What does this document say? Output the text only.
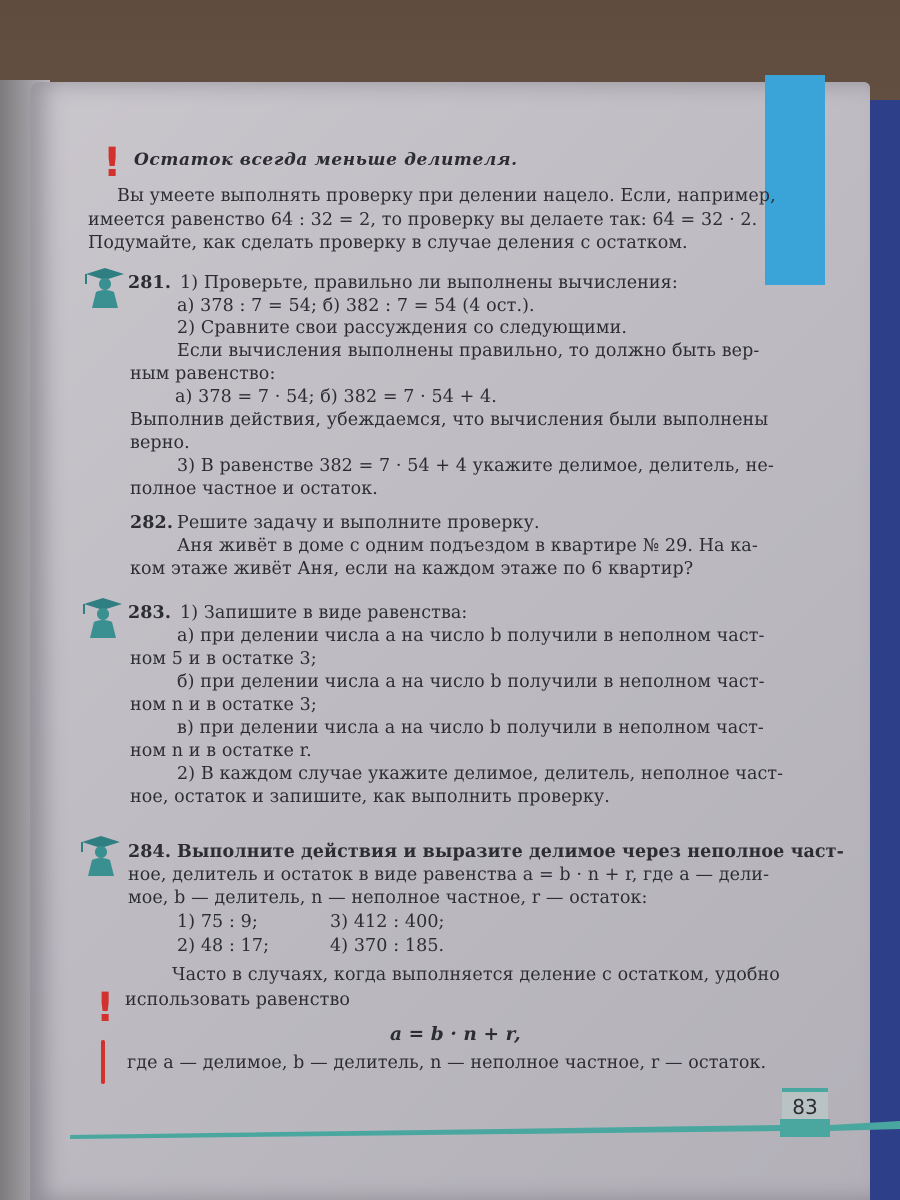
! Остаток всегда меньше делителя.
Вы умеете выполнять проверку при делении нацело. Если, например,
имеется равенство 64 : 32 = 2, то проверку вы делаете так: 64 = 32 · 2.
Подумайте, как сделать проверку в случае деления с остатком.
281. 1) Проверьте, правильно ли выполнены вычисления:
а) 378 : 7 = 54; б) 382 : 7 = 54 (4 ост.).
2) Сравните свои рассуждения со следующими.
Если вычисления выполнены правильно, то должно быть вер-
ным равенство:
а) 378 = 7 · 54; б) 382 = 7 · 54 + 4.
Выполнив действия, убеждаемся, что вычисления были выполнены
верно.
3) В равенстве 382 = 7 · 54 + 4 укажите делимое, делитель, не-
полное частное и остаток.
282. Решите задачу и выполните проверку.
Аня живёт в доме с одним подъездом в квартире № 29. На ка-
ком этаже живёт Аня, если на каждом этаже по 6 квартир?
283. 1) Запишите в виде равенства:
а) при делении числа a на число b получили в неполном част-
ном 5 и в остатке 3;
б) при делении числа a на число b получили в неполном част-
ном n и в остатке 3;
в) при делении числа a на число b получили в неполном част-
ном n и в остатке r.
2) В каждом случае укажите делимое, делитель, неполное част-
ное, остаток и запишите, как выполнить проверку.
284. Выполните действия и выразите делимое через неполное част-
ное, делитель и остаток в виде равенства a = b · n + r, где a — дели-
мое, b — делитель, n — неполное частное, r — остаток:
1) 75 : 9;	3) 412 : 400;
2) 48 : 17;	4) 370 : 185.
!
Часто в случаях, когда выполняется деление с остатком, удобно
использовать равенство
a = b · n + r,
где a — делимое, b — делитель, n — неполное частное, r — остаток.
83
